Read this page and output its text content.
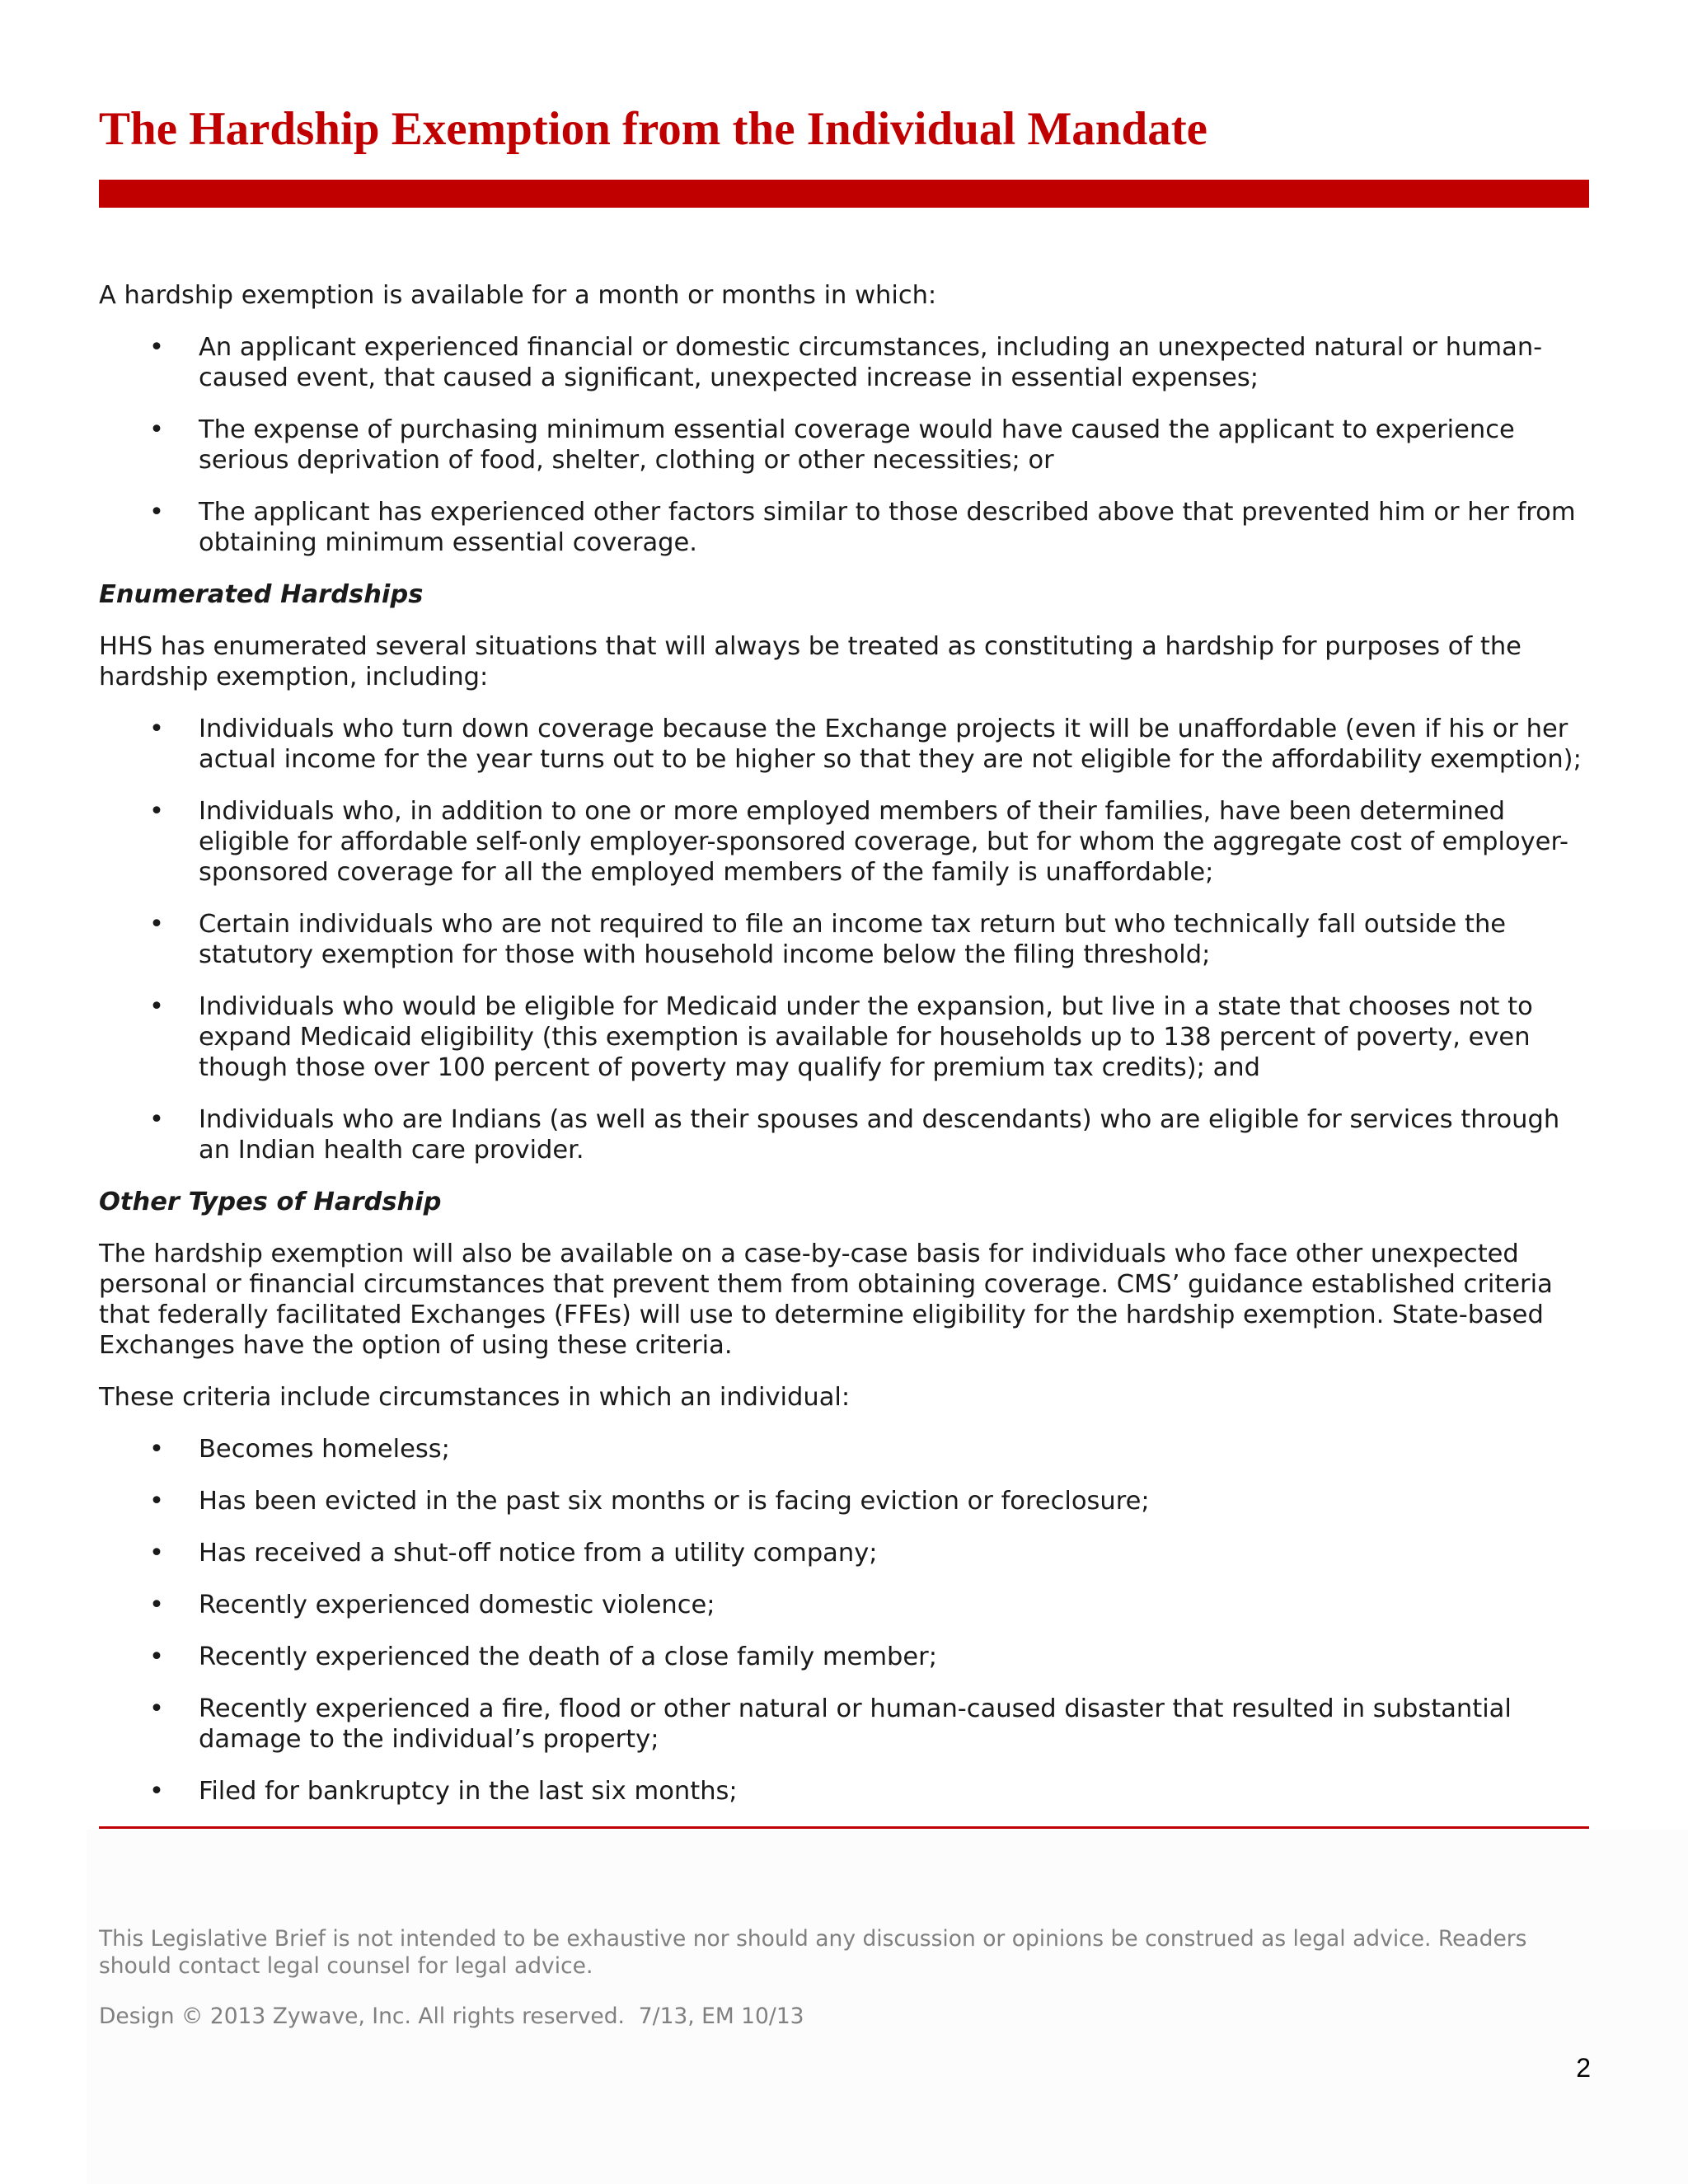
The Hardship Exemption from the Individual Mandate

A hardship exemption is available for a month or months in which:

• An applicant experienced financial or domestic circumstances, including an unexpected natural or human-caused event, that caused a significant, unexpected increase in essential expenses;
• The expense of purchasing minimum essential coverage would have caused the applicant to experience serious deprivation of food, shelter, clothing or other necessities; or
• The applicant has experienced other factors similar to those described above that prevented him or her from obtaining minimum essential coverage.
Enumerated Hardships

HHS has enumerated several situations that will always be treated as constituting a hardship for purposes of the hardship exemption, including:

• Individuals who turn down coverage because the Exchange projects it will be unaffordable (even if his or her actual income for the year turns out to be higher so that they are not eligible for the affordability exemption);
• Individuals who, in addition to one or more employed members of their families, have been determined eligible for affordable self-only employer-sponsored coverage, but for whom the aggregate cost of employer-sponsored coverage for all the employed members of the family is unaffordable;
• Certain individuals who are not required to file an income tax return but who technically fall outside the statutory exemption for those with household income below the filing threshold;
• Individuals who would be eligible for Medicaid under the expansion, but live in a state that chooses not to expand Medicaid eligibility (this exemption is available for households up to 138 percent of poverty, even though those over 100 percent of poverty may qualify for premium tax credits); and
• Individuals who are Indians (as well as their spouses and descendants) who are eligible for services through an Indian health care provider.
Other Types of Hardship

The hardship exemption will also be available on a case-by-case basis for individuals who face other unexpected personal or financial circumstances that prevent them from obtaining coverage. CMS’ guidance established criteria that federally facilitated Exchanges (FFEs) will use to determine eligibility for the hardship exemption. State-based Exchanges have the option of using these criteria.

These criteria include circumstances in which an individual:

• Becomes homeless;
• Has been evicted in the past six months or is facing eviction or foreclosure;
• Has received a shut-off notice from a utility company;
• Recently experienced domestic violence;
• Recently experienced the death of a close family member;
• Recently experienced a fire, flood or other natural or human-caused disaster that resulted in substantial damage to the individual’s property;
• Filed for bankruptcy in the last six months;

This Legislative Brief is not intended to be exhaustive nor should any discussion or opinions be construed as legal advice. Readers should contact legal counsel for legal advice.

Design © 2013 Zywave, Inc. All rights reserved.  7/13, EM 10/13

2
